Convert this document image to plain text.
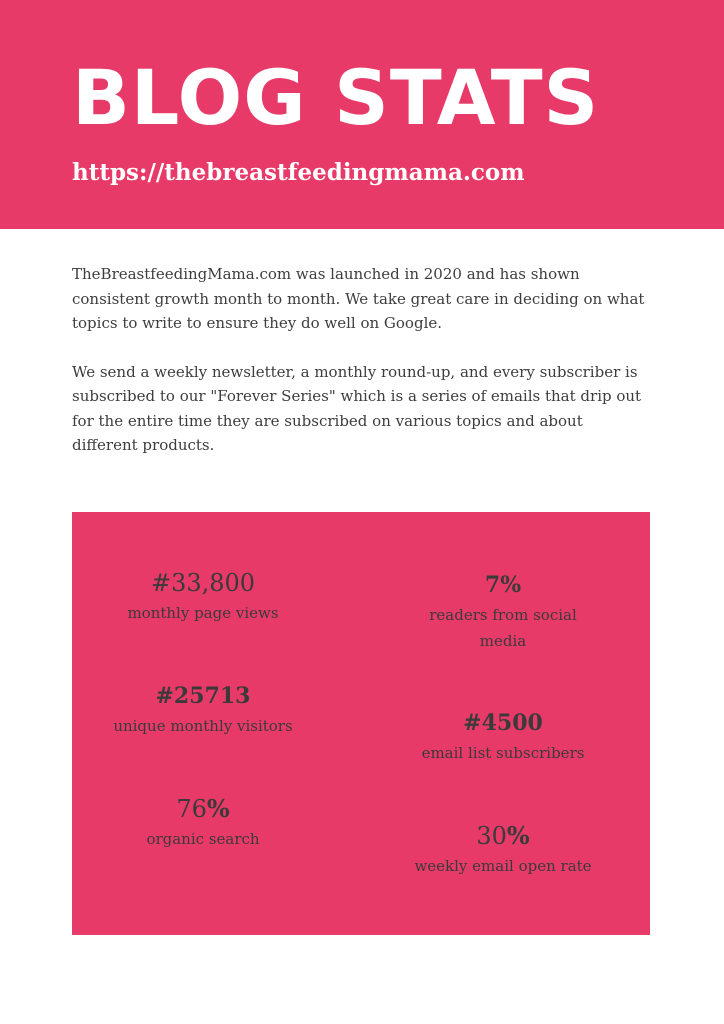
BLOG STATS
https://thebreastfeedingmama.com

TheBreastfeedingMama.com was launched in 2020 and has shown consistent growth month to month. We take great care in deciding on what topics to write to ensure they do well on Google.

We send a weekly newsletter, a monthly round-up, and every subscriber is subscribed to our "Forever Series" which is a series of emails that drip out for the entire time they are subscribed on various topics and about different products.

#33,800
monthly page views
#25713
unique monthly visitors
76%
organic search
7%
readers from social media
#4500
email list subscribers
30%
weekly email open rate
